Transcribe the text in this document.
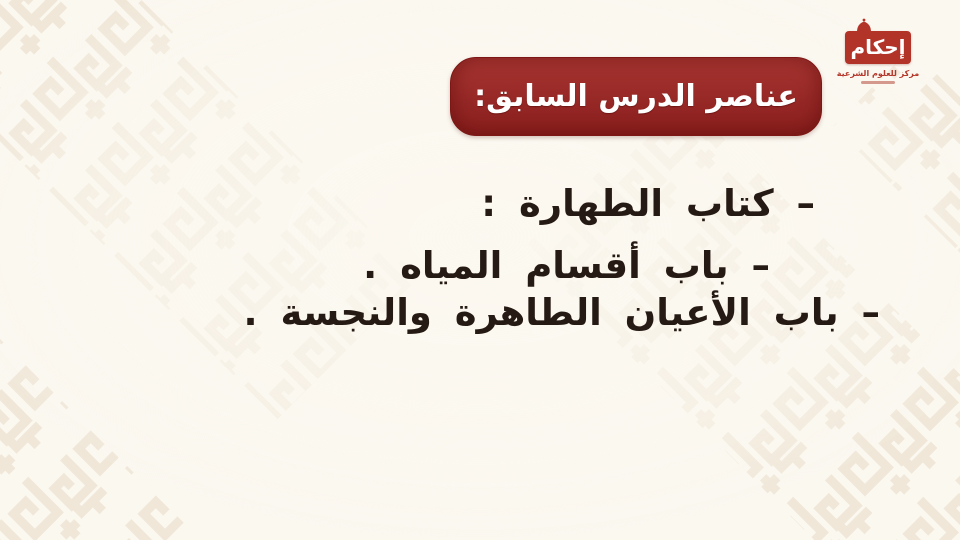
عناصر الدرس السابق:
إحكام
مركز للعلوم الشرعية
– كتاب الطهارة :
– باب أقسام المياه .
– باب الأعيان الطاهرة والنجسة .
